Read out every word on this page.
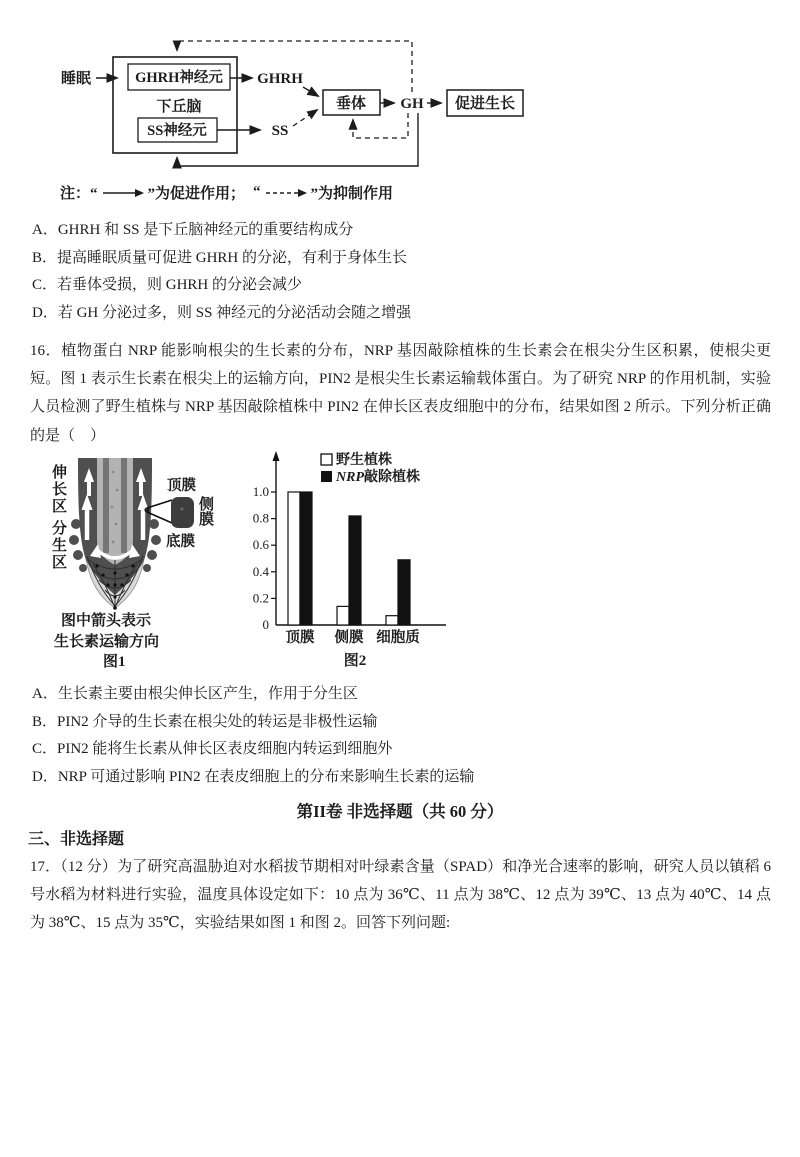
睡眠	GHRH神经元
下丘脑
SS神经元
GHRH
SS
垂体 GH 促进生长
注：“	”为促进作用； “	”为抑制作用
A．GHRH 和 SS 是下丘脑神经元的重要结构成分
B．提高睡眠质量可促进 GHRH 的分泌，有利于身体生长
C．若垂体受损，则 GHRH 的分泌会减少
D．若 GH 分泌过多，则 SS 神经元的分泌活动会随之增强
16．植物蛋白 NRP 能影响根尖的生长素的分布，NRP 基因敲除植株的生长素会在根尖分生区积累，使根尖更短。图 1 表示生长素在根尖上的运输方向，PIN2 是根尖生长素运输载体蛋白。为了研究 NRP 的作用机制，实验人员检测了野生植株与 NRP 基因敲除植株中 PIN2 在伸长区表皮细胞中的分布，结果如图 2 所示。下列分析正确的是（　）
伸长区
分生区
顶膜
侧膜
底膜
图中箭头表示
生长素运输方向
图1
1.0
0.8
0.6
0.4
0.2
0
顶膜 侧膜 细胞质
野生植株
NRP敲除植株
图2
A．生长素主要由根尖伸长区产生，作用于分生区
B．PIN2 介导的生长素在根尖处的转运是非极性运输
C．PIN2 能将生长素从伸长区表皮细胞内转运到细胞外
D．NRP 可通过影响 PIN2 在表皮细胞上的分布来影响生长素的运输
第II卷 非选择题（共 60 分）
三、非选择题
17．（12 分）为了研究高温胁迫对水稻拔节期相对叶绿素含量（SPAD）和净光合速率的影响，研究人员以镇稻 6 号水稻为材料进行实验，温度具体设定如下：10 点为 36℃、11 点为 38℃、12 点为 39℃、13 点为 40℃、14 点为 38℃、15 点为 35℃，实验结果如图 1 和图 2。回答下列问题:
